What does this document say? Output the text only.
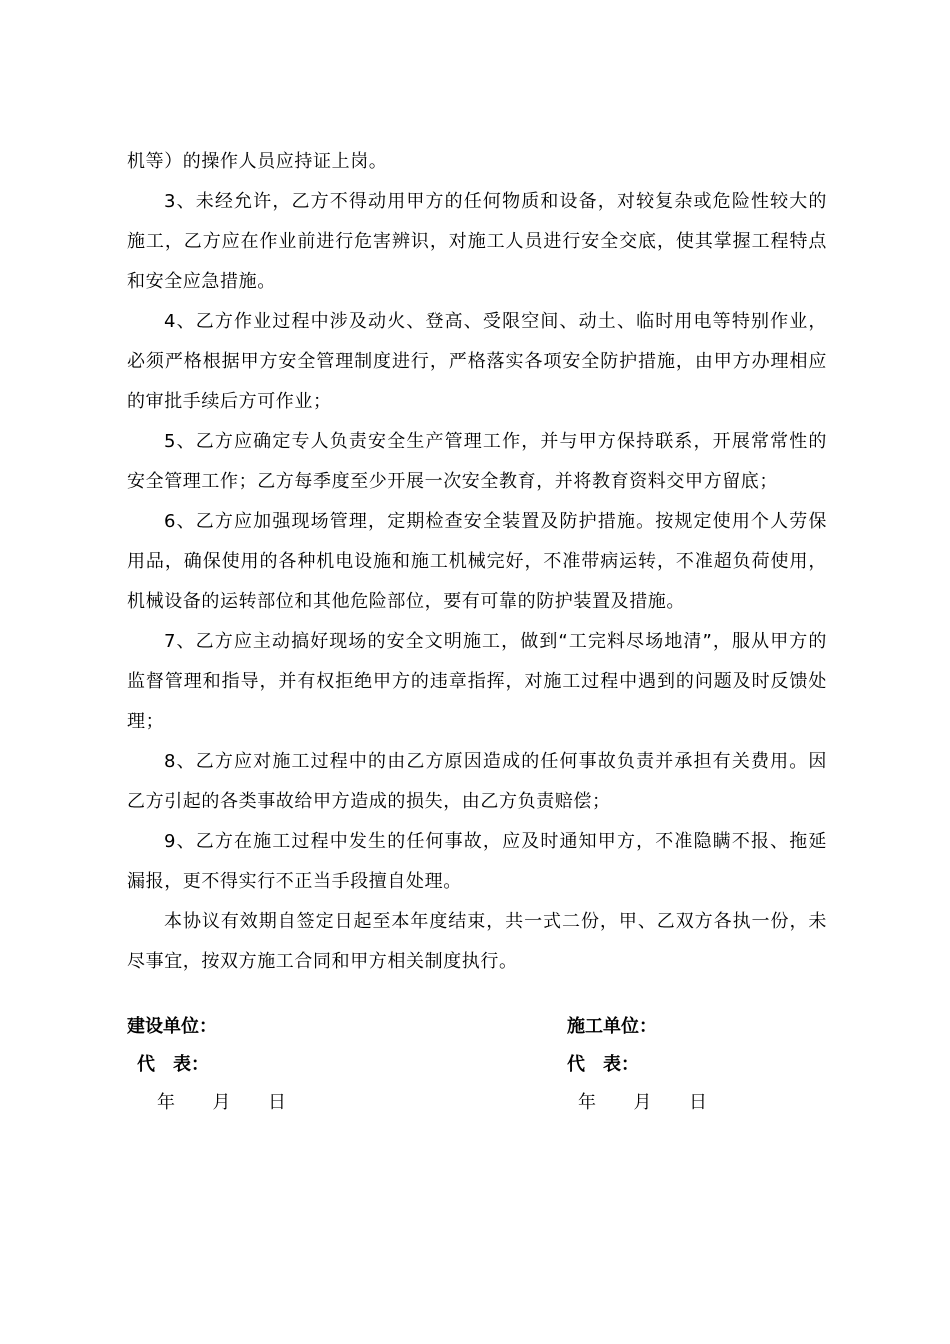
机等）的操作人员应持证上岗。

3、未经允许，乙方不得动用甲方的任何物质和设备，对较复杂或危险性较大的施工，乙方应在作业前进行危害辨识，对施工人员进行安全交底，使其掌握工程特点和安全应急措施。

4、乙方作业过程中涉及动火、登高、受限空间、动土、临时用电等特别作业，必须严格根据甲方安全管理制度进行，严格落实各项安全防护措施，由甲方办理相应的审批手续后方可作业；

5、乙方应确定专人负责安全生产管理工作，并与甲方保持联系，开展常常性的安全管理工作；乙方每季度至少开展一次安全教育，并将教育资料交甲方留底；

6、乙方应加强现场管理，定期检查安全装置及防护措施。按规定使用个人劳保用品，确保使用的各种机电设施和施工机械完好，不准带病运转，不准超负荷使用，机械设备的运转部位和其他危险部位，要有可靠的防护装置及措施。

7、乙方应主动搞好现场的安全文明施工，做到“工完料尽场地清”，服从甲方的监督管理和指导，并有权拒绝甲方的违章指挥，对施工过程中遇到的问题及时反馈处理；

8、乙方应对施工过程中的由乙方原因造成的任何事故负责并承担有关费用。因乙方引起的各类事故给甲方造成的损失，由乙方负责赔偿；

9、乙方在施工过程中发生的任何事故，应及时通知甲方，不准隐瞒不报、拖延漏报，更不得实行不正当手段擅自处理。

本协议有效期自签定日起至本年度结束，共一式二份，甲、乙双方各执一份，未尽事宜，按双方施工合同和甲方相关制度执行。

建设单位：
代　表：
年　　月　　日
施工单位：
代　表：
年　　月　　日
